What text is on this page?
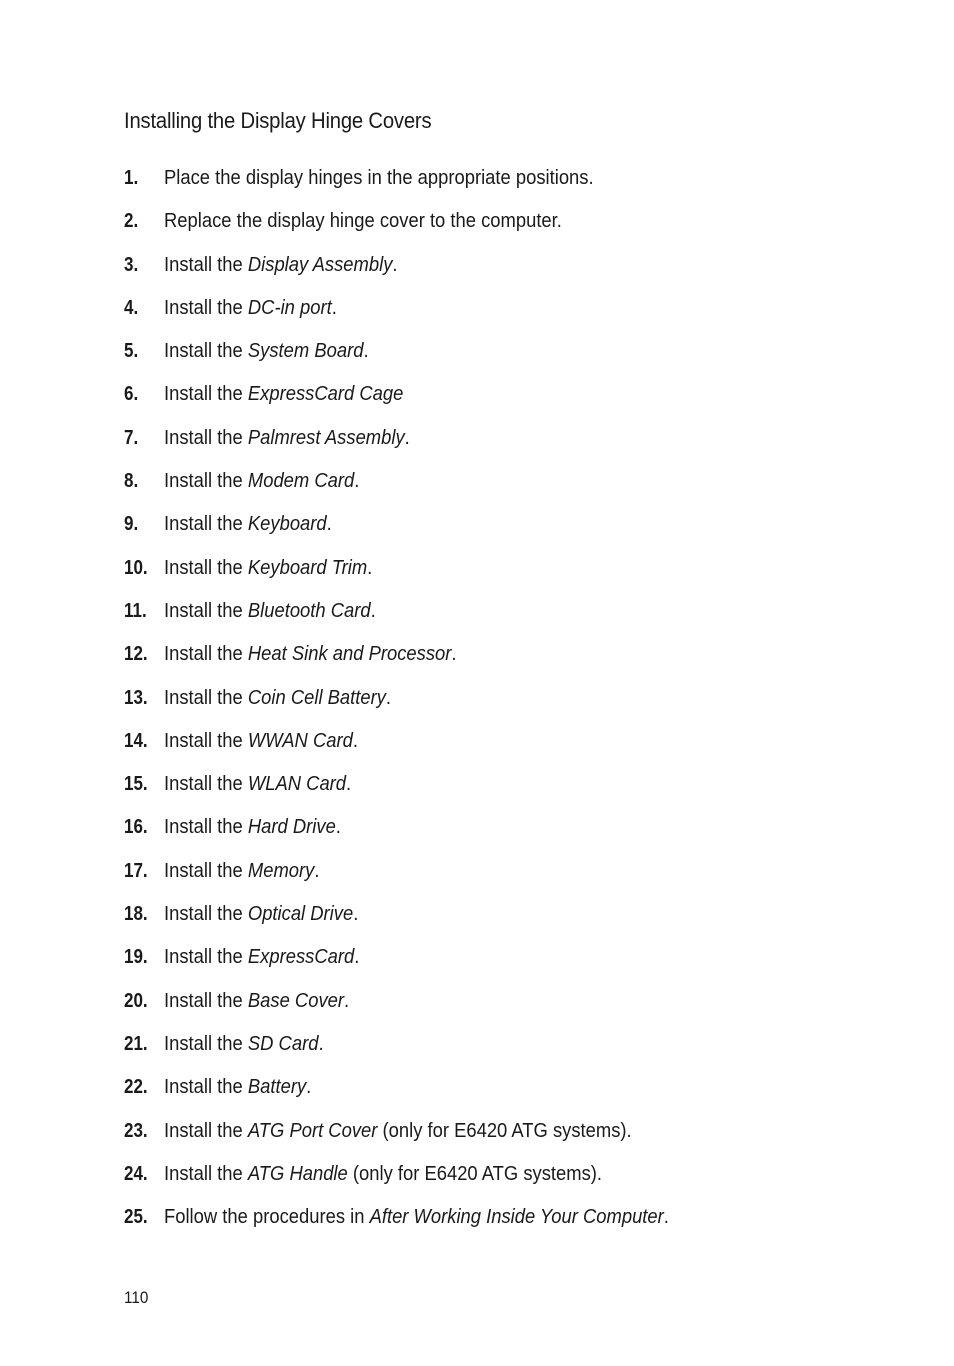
Installing the Display Hinge Covers
1.	Place the display hinges in the appropriate positions.
2.	Replace the display hinge cover to the computer.
3.	Install the Display Assembly.
4.	Install the DC-in port.
5.	Install the System Board.
6.	Install the ExpressCard Cage
7.	Install the Palmrest Assembly.
8.	Install the Modem Card.
9.	Install the Keyboard.
10. Install the Keyboard Trim.
11. Install the Bluetooth Card.
12. Install the Heat Sink and Processor.
13. Install the Coin Cell Battery.
14. Install the WWAN Card.
15. Install the WLAN Card.
16. Install the Hard Drive.
17. Install the Memory.
18. Install the Optical Drive.
19. Install the ExpressCard.
20. Install the Base Cover.
21. Install the SD Card.
22. Install the Battery.
23. Install the ATG Port Cover (only for E6420 ATG systems).
24. Install the ATG Handle (only for E6420 ATG systems).
25. Follow the procedures in After Working Inside Your Computer.
110
